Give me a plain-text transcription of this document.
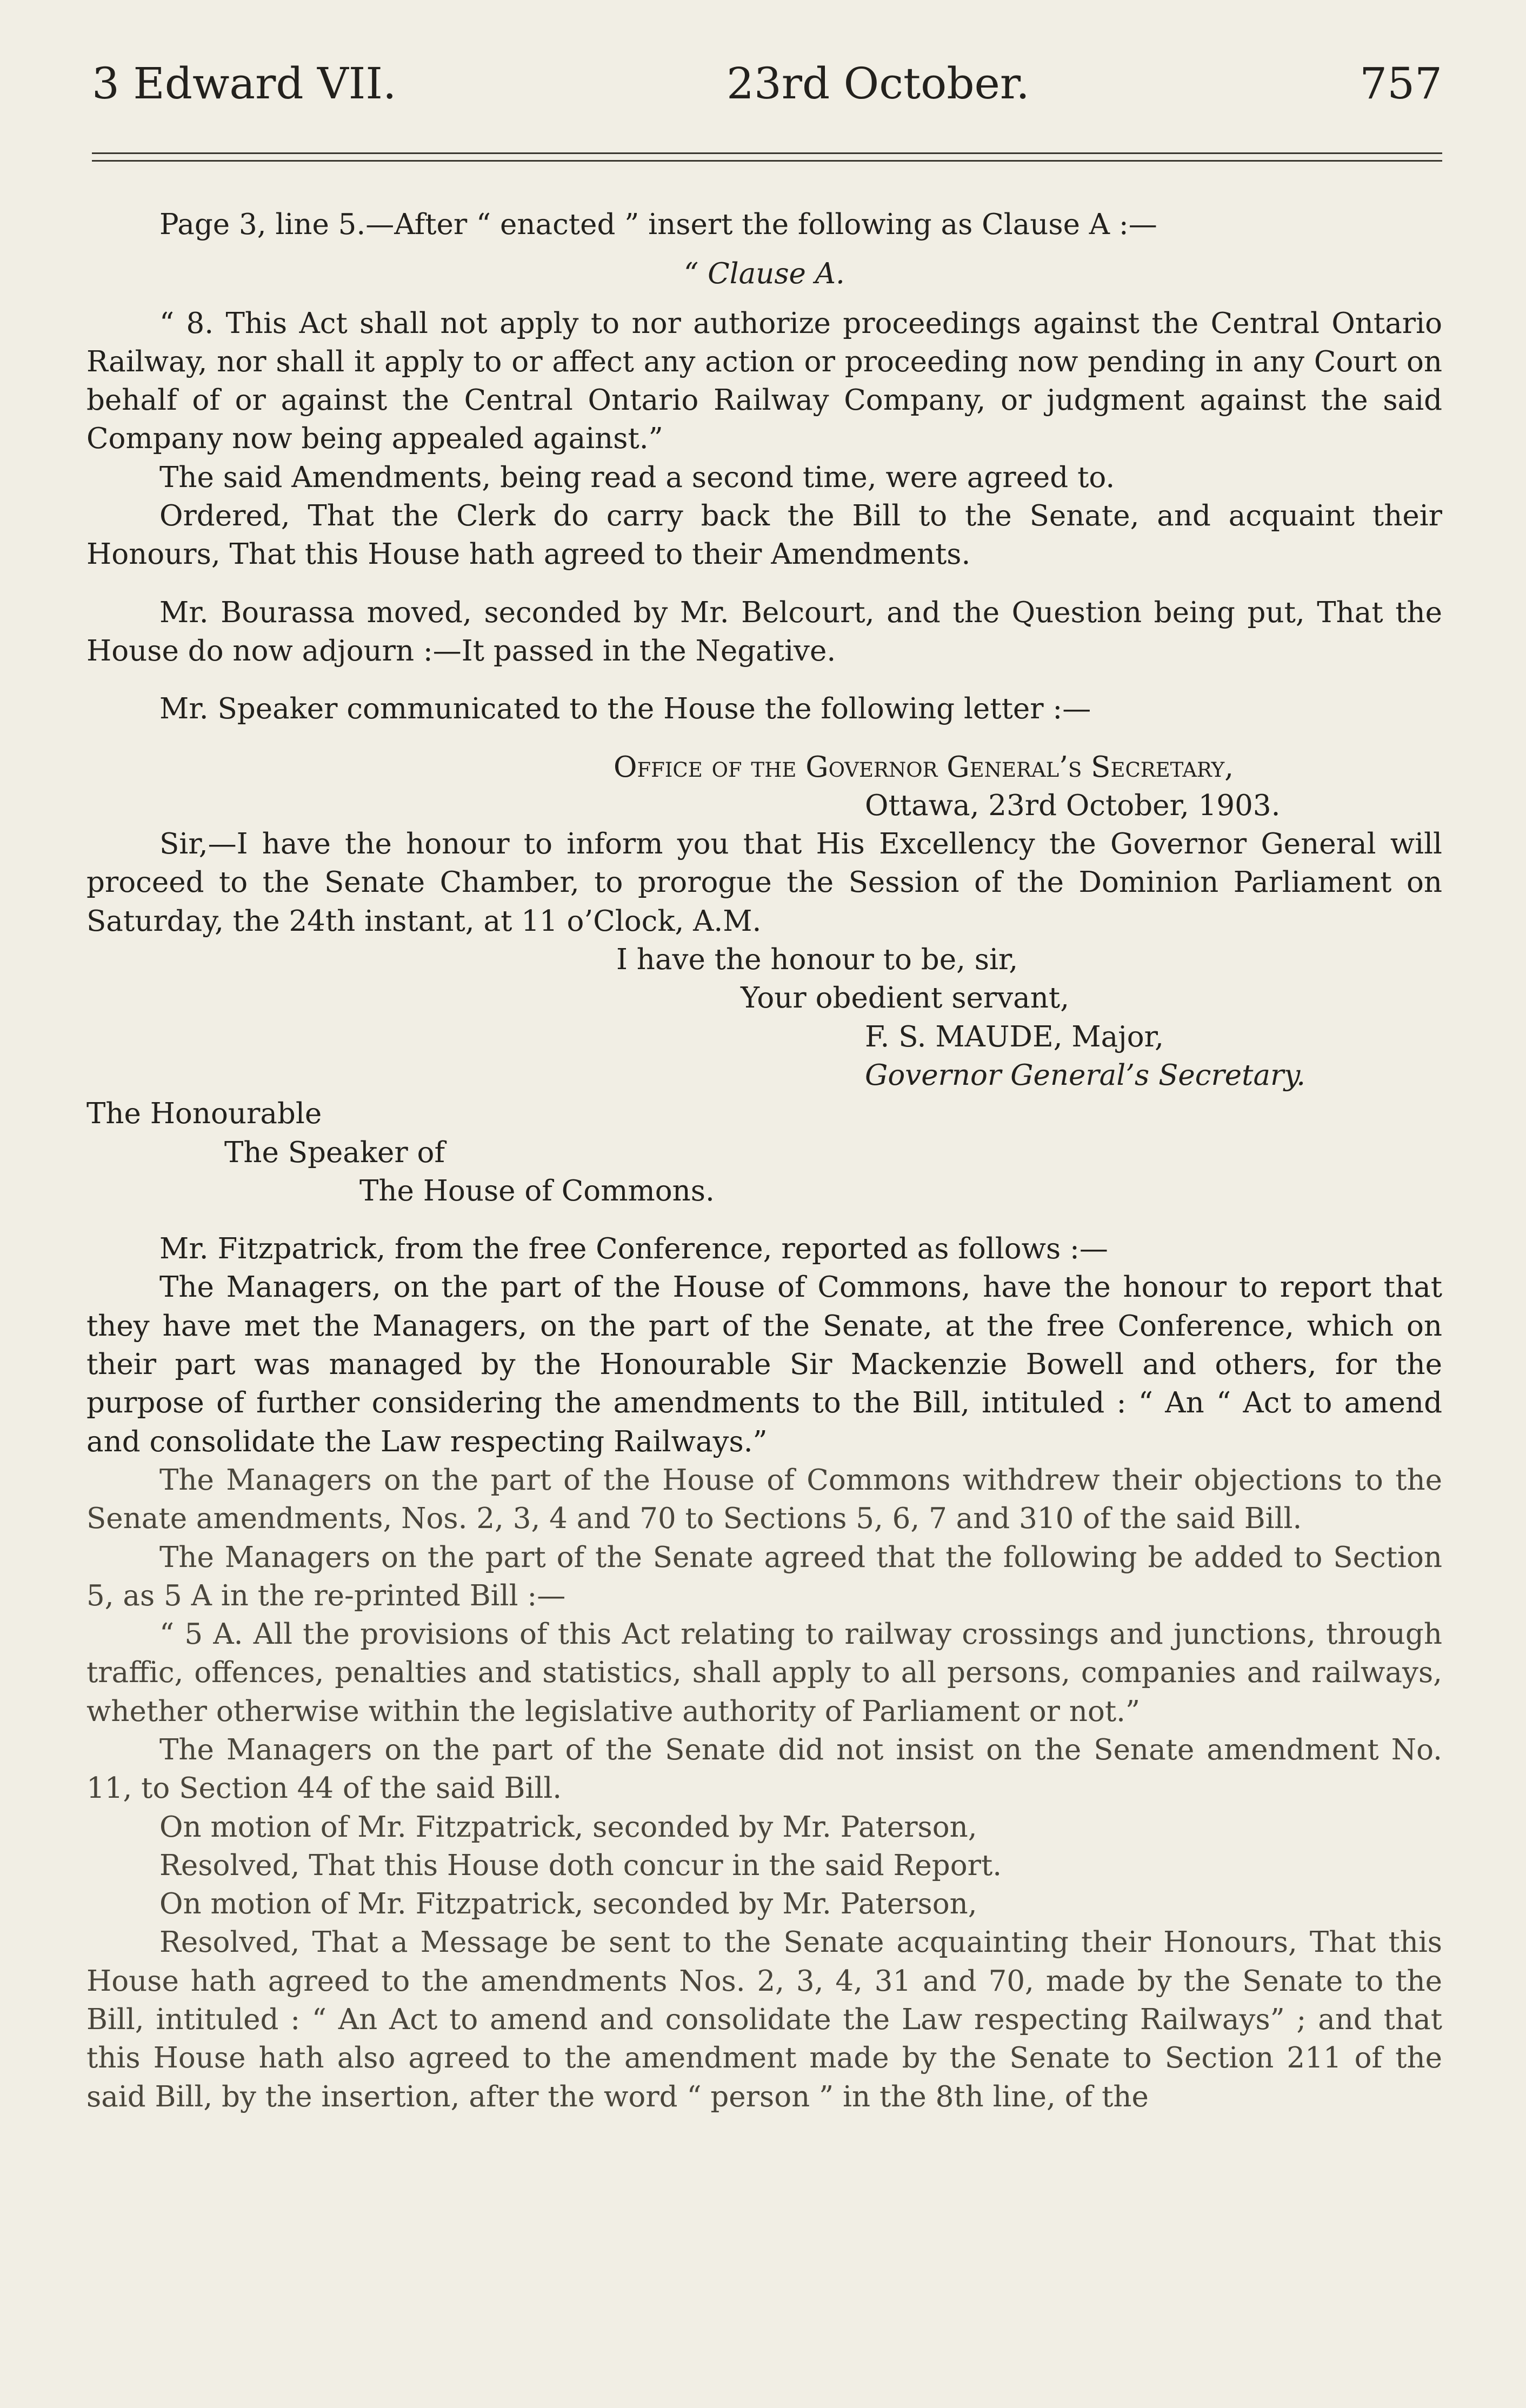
3 Edward VII.	23rd October.	757

Page 3, line 5.—After “ enacted ” insert the following as Clause A :—

“ Clause A.

“ 8. This Act shall not apply to nor authorize proceedings against the Central Ontario Railway, nor shall it apply to or affect any action or proceeding now pending in any Court on behalf of or against the Central Ontario Railway Company, or judgment against the said Company now being appealed against.”

The said Amendments, being read a second time, were agreed to.

Ordered, That the Clerk do carry back the Bill to the Senate, and acquaint their Honours, That this House hath agreed to their Amendments.

Mr. Bourassa moved, seconded by Mr. Belcourt, and the Question being put, That the House do now adjourn :—It passed in the Negative.

Mr. Speaker communicated to the House the following letter :—

Office of the Governor General’s Secretary,

Ottawa, 23rd October, 1903.

Sir,—I have the honour to inform you that His Excellency the Governor General will proceed to the Senate Chamber, to prorogue the Session of the Dominion Parliament on Saturday, the 24th instant, at 11 o’Clock, A.M.

I have the honour to be, sir,

Your obedient servant,

F. S. MAUDE, Major,

Governor General’s Secretary.

The Honourable

The Speaker of

The House of Commons.

Mr. Fitzpatrick, from the free Conference, reported as follows :—

The Managers, on the part of the House of Commons, have the honour to report that they have met the Managers, on the part of the Senate, at the free Conference, which on their part was managed by the Honourable Sir Mackenzie Bowell and others, for the purpose of further considering the amendments to the Bill, intituled : “ An “ Act to amend and consolidate the Law respecting Railways.”

The Managers on the part of the House of Commons withdrew their objections to the Senate amendments, Nos. 2, 3, 4 and 70 to Sections 5, 6, 7 and 310 of the said Bill.

The Managers on the part of the Senate agreed that the following be added to Section 5, as 5 A in the re-printed Bill :—

“ 5 A. All the provisions of this Act relating to railway crossings and junctions, through traffic, offences, penalties and statistics, shall apply to all persons, companies and railways, whether otherwise within the legislative authority of Parliament or not.”

The Managers on the part of the Senate did not insist on the Senate amendment No. 11, to Section 44 of the said Bill.

On motion of Mr. Fitzpatrick, seconded by Mr. Paterson,

Resolved, That this House doth concur in the said Report.

On motion of Mr. Fitzpatrick, seconded by Mr. Paterson,

Resolved, That a Message be sent to the Senate acquainting their Honours, That this House hath agreed to the amendments Nos. 2, 3, 4, 31 and 70, made by the Senate to the Bill, intituled : “ An Act to amend and consolidate the Law respecting Railways” ; and that this House hath also agreed to the amendment made by the Senate to Section 211 of the said Bill, by the insertion, after the word “ person ” in the 8th line, of the
